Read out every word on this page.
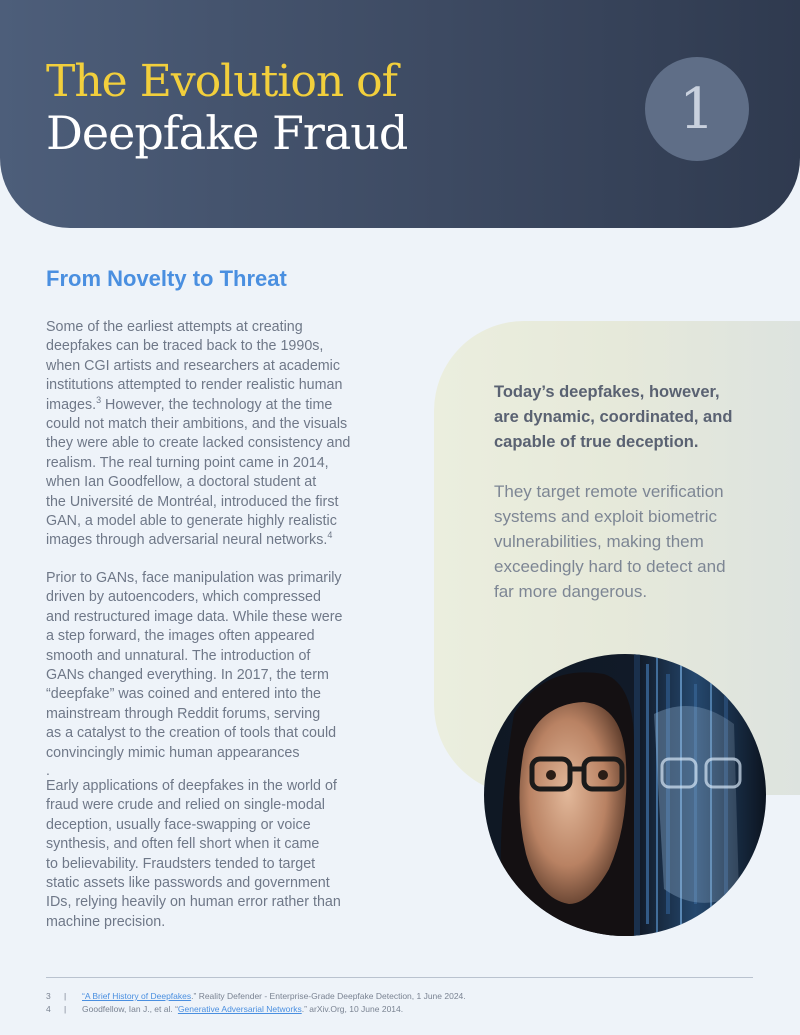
The Evolution of
Deepfake Fraud	1
From Novelty to Threat

Some of the earliest attempts at creating
deepfakes can be traced back to the 1990s,
when CGI artists and researchers at academic
institutions attempted to render realistic human
images.$^3$ However, the technology at the time
could not match their ambitions, and the visuals
they were able to create lacked consistency and
realism. The real turning point came in 2014,
when Ian Goodfellow, a doctoral student at
the Université de Montréal, introduced the first
GAN, a model able to generate highly realistic
images through adversarial neural networks.$^4$

Prior to GANs, face manipulation was primarily
driven by autoencoders, which compressed
and restructured image data. While these were
a step forward, the images often appeared
smooth and unnatural. The introduction of
GANs changed everything. In 2017, the term
“deepfake” was coined and entered into the
mainstream through Reddit forums, serving
as a catalyst to the creation of tools that could
convincingly mimic human appearances

.

Early applications of deepfakes in the world of
fraud were crude and relied on single-modal
deception, usually face-swapping or voice
synthesis, and often fell short when it came
to believability. Fraudsters tended to target
static assets like passwords and government
IDs, relying heavily on human error rather than
machine precision.

Today’s deepfakes, however,
are dynamic, coordinated, and
capable of true deception.
They target remote verification
systems and exploit biometric
vulnerabilities, making them
exceedingly hard to detect and
far more dangerous.
3 | “A Brief History of Deepfakes.” Reality Defender - Enterprise-Grade Deepfake Detection, 1 June 2024.
4 | Goodfellow, Ian J., et al. “Generative Adversarial Networks.” arXiv.Org, 10 June 2014.
